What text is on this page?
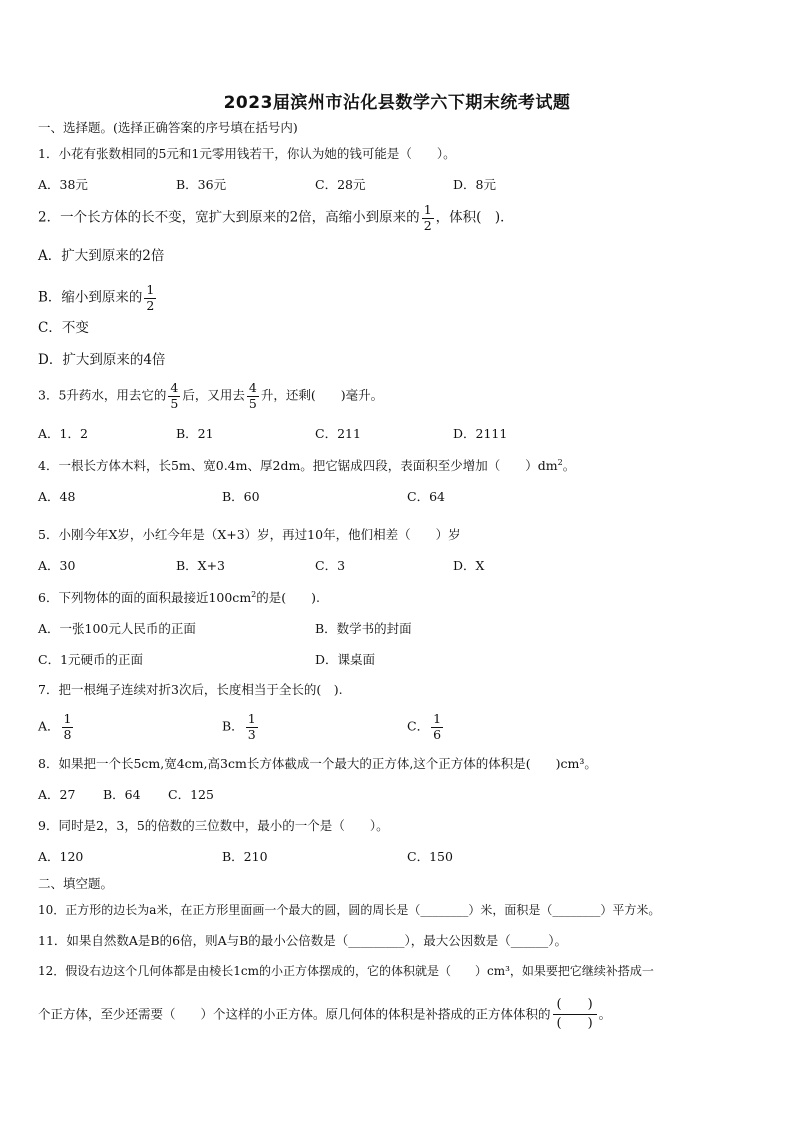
2023届滨州市沾化县数学六下期末统考试题
一、选择题。(选择正确答案的序号填在括号内)
1．小花有张数相同的5元和1元零用钱若干，你认为她的钱可能是（　　）。
A．38元	B．36元	C．28元	D．8元
2．一个长方体的长不变，宽扩大到原来的2倍，高缩小到原来的 $\frac{1}{2}$ ，体积(　)．
A．扩大到原来的2倍
B．缩小到原来的 $\frac{1}{2}$
C．不变
D．扩大到原来的4倍
3．5升药水，用去它的 $\frac{4}{5}$ 后，又用去 $\frac{4}{5}$ 升，还剩(　　)毫升。
A．1．2	B．21	C．211	D．2111
4．一根长方体木料，长5m、宽0.4m、厚2dm。把它锯成四段，表面积至少增加（　　）$dm^2$。
A．48	B．60	C．64
5．小刚今年X岁，小红今年是（X+3）岁，再过10年，他们相差（　　）岁
A．30	B．X+3	C．3	D．X
6．下列物体的面的面积最接近$100cm^2$的是(　　).
A．一张100元人民币的正面	B．数学书的封面
C．1元硬币的正面	D．课桌面
7．把一根绳子连续对折3次后，长度相当于全长的(　).
A． $\frac{1}{8}$	B． $\frac{1}{3}$	C． $\frac{1}{6}$
8．如果把一个长5cm,宽4cm,高3cm长方体截成一个最大的正方体,这个正方体的体积是(　　)cm³。
A．27 B．64 C．125
9．同时是2，3，5的倍数的三位数中，最小的一个是（　　）。
A．120	B．210	C．150
二、填空题。
10．正方形的边长为a米，在正方形里面画一个最大的圆，圆的周长是（________）米，面积是（________）平方米。
11．如果自然数A是B的6倍，则A与B的最小公倍数是（_________），最大公因数是（______）。
12．假设右边这个几何体都是由棱长1cm的小正方体摆成的，它的体积就是（　　）cm³，如果要把它继续补搭成一
个正方体，至少还需要（　　）个这样的小正方体。原几何体的体积是补搭成的正方体体积的 $\frac{( )}{( )}$ 。
